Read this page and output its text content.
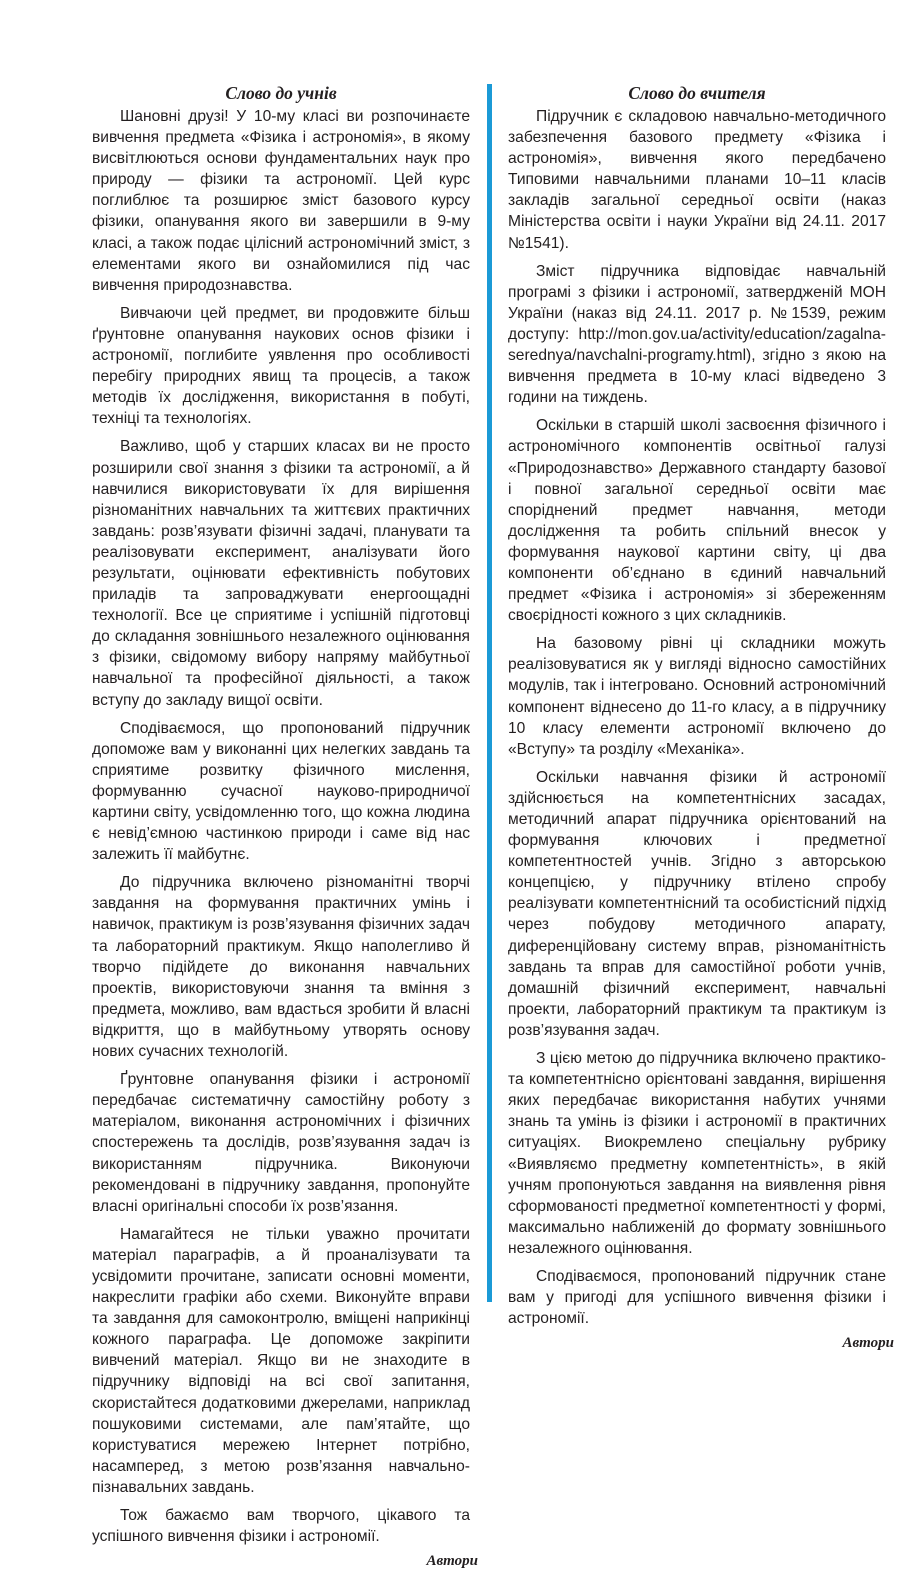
Слово до учнів

Шановні друзі! У 10-му класі ви розпочинаєте вивчення предмета «Фізика і астрономія», в якому висвітлюються основи фундаментальних наук про природу — фізики та астрономії. Цей курс поглиблює та розширює зміст базового курсу фізики, опанування якого ви завершили в 9-му класі, а також подає цілісний астрономічний зміст, з елементами якого ви ознайомилися під час вивчення природознавства.

Вивчаючи цей предмет, ви продовжите більш ґрунтовне опанування наукових основ фізики і астрономії, поглибите уявлення про особливості перебігу природних явищ та процесів, а також методів їх дослідження, використання в побуті, техніці та технологіях.

Важливо, щоб у старших класах ви не просто розширили свої знання з фізики та астрономії, а й навчилися використовувати їх для вирішення різноманітних навчальних та життєвих практичних завдань: розв’язувати фізичні задачі, планувати та реалізовувати експеримент, аналізувати його результати, оцінювати ефективність побутових приладів та запроваджувати енергоощадні технології. Все це сприятиме і успішній підготовці до складання зовнішнього незалежного оцінювання з фізики, свідомому вибору напряму майбутньої навчальної та професійної діяльності, а також вступу до закладу вищої освіти.

Сподіваємося, що пропонований підручник допоможе вам у виконанні цих нелегких завдань та сприятиме розвитку фізичного мислення, формуванню сучасної науково-природничої картини світу, усвідомленню того, що кожна людина є невід’ємною частинкою природи і саме від нас залежить її майбутнє.

До підручника включено різноманітні творчі завдання на формування практичних умінь і навичок, практикум із розв’язування фізичних задач та лабораторний практикум. Якщо наполегливо й творчо підійдете до виконання навчальних проектів, використовуючи знання та вміння з предмета, можливо, вам вдасться зробити й власні відкриття, що в майбутньому утворять основу нових сучасних технологій.

Ґрунтовне опанування фізики і астрономії передбачає систематичну самостійну роботу з матеріалом, виконання астрономічних і фізичних спостережень та дослідів, розв’язування задач із використанням підручника. Виконуючи рекомендовані в підручнику завдання, пропонуйте власні оригінальні способи їх розв’язання.

Намагайтеся не тільки уважно прочитати матеріал параграфів, а й проаналізувати та усвідомити прочитане, записати основні моменти, накреслити графіки або схеми. Виконуйте вправи та завдання для самоконтролю, вміщені наприкінці кожного параграфа. Це допоможе закріпити вивчений матеріал. Якщо ви не знаходите в підручнику відповіді на всі свої запитання, скористайтеся додатковими джерелами, наприклад пошуковими системами, але пам’ятайте, що користуватися мережею Інтернет потрібно, насамперед, з метою розв’язання навчально-пізнавальних завдань.

Тож бажаємо вам творчого, цікавого та успішного вивчення фізики і астрономії.

Автори
Слово до вчителя

Підручник є складовою навчально-методичного забезпечення базового предмету «Фізика і астрономія», вивчення якого передбачено Типовими навчальними планами 10–11 класів закладів загальної середньої освіти (наказ Міністерства освіти і науки України від 24.11. 2017 №1541).

Зміст підручника відповідає навчальній програмі з фізики і астрономії, затвердженій МОН України (наказ від 24.11. 2017 р. №1539, режим доступу: http://mon.gov.ua/activity/education/zagalna-serednya/navchalni-programy.html), згідно з якою на вивчення предмета в 10-му класі відведено 3 години на тиждень.

Оскільки в старшій школі засвоєння фізичного і астрономічного компонентів освітньої галузі «Природознавство» Державного стандарту базової і повної загальної середньої освіти має споріднений предмет навчання, методи дослідження та робить спільний внесок у формування наукової картини світу, ці два компоненти об’єднано в єдиний навчальний предмет «Фізика і астрономія» зі збереженням своєрідності кожного з цих складників.

На базовому рівні ці складники можуть реалізовуватися як у вигляді відносно самостійних модулів, так і інтегровано. Основний астрономічний компонент віднесено до 11-го класу, а в підручнику 10 класу елементи астрономії включено до «Вступу» та розділу «Механіка».

Оскільки навчання фізики й астрономії здійснюється на компетентнісних засадах, методичний апарат підручника орієнтований на формування ключових і предметної компетентностей учнів. Згідно з авторською концепцією, у підручнику втілено спробу реалізувати компетентнісний та особистісний підхід через побудову методичного апарату, диференційовану систему вправ, різноманітність завдань та вправ для самостійної роботи учнів, домашній фізичний експеримент, навчальні проекти, лабораторний практикум та практикум із розв’язування задач.

З цією метою до підручника включено практико- та компетентнісно орієнтовані завдання, вирішення яких передбачає використання набутих учнями знань та умінь із фізики і астрономії в практичних ситуаціях. Виокремлено спеціальну рубрику «Виявляємо предметну компетентність», в якій учням пропонуються завдання на виявлення рівня сформованості предметної компетентності у формі, максимально наближеній до формату зовнішнього незалежного оцінювання.

Сподіваємося, пропонований підручник стане вам у пригоді для успішного вивчення фізики і астрономії.

Автори
